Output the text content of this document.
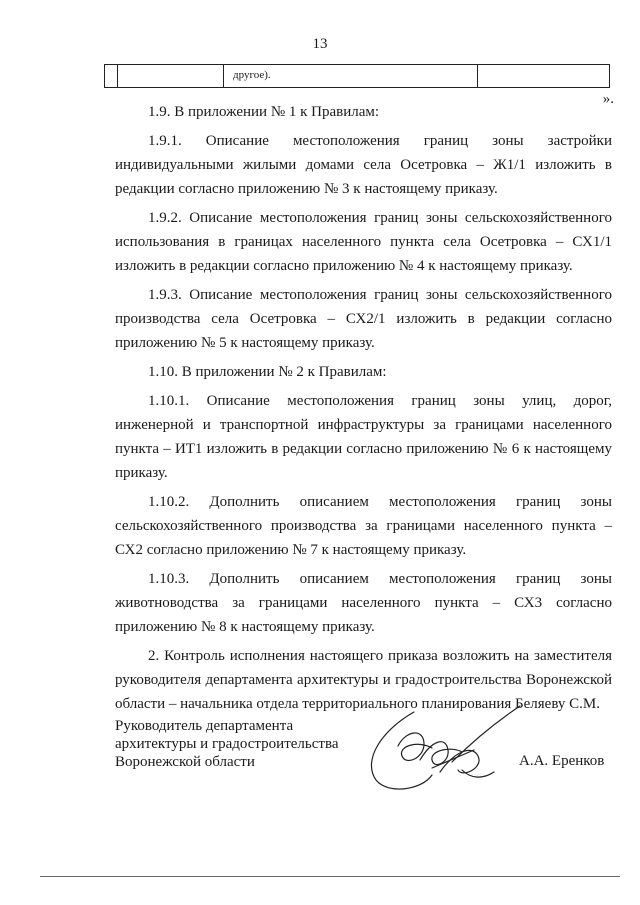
13
другое).
».

1.9. В приложении № 1 к Правилам:

1.9.1. Описание местоположения границ зоны застройки индивидуальными жилыми домами села Осетровка – Ж1/1 изложить в редакции согласно приложению № 3 к настоящему приказу.

1.9.2. Описание местоположения границ зоны сельскохозяйственного использования в границах населенного пункта села Осетровка – СХ1/1 изложить в редакции согласно приложению № 4 к настоящему приказу.

1.9.3. Описание местоположения границ зоны сельскохозяйственного производства села Осетровка – СХ2/1 изложить в редакции согласно приложению № 5 к настоящему приказу.

1.10. В приложении № 2 к Правилам:

1.10.1. Описание местоположения границ зоны улиц, дорог, инженерной и транспортной инфраструктуры за границами населенного пункта – ИТ1 изложить в редакции согласно приложению № 6 к настоящему приказу.

1.10.2. Дополнить описанием местоположения границ зоны сельскохозяйственного производства за границами населенного пункта – СХ2 согласно приложению № 7 к настоящему приказу.

1.10.3. Дополнить описанием местоположения границ зоны животноводства за границами населенного пункта – СХ3 согласно приложению № 8 к настоящему приказу.

2. Контроль исполнения настоящего приказа возложить на заместителя руководителя департамента архитектуры и градостроительства Воронежской области – начальника отдела территориального планирования Беляеву С.М.

Руководитель департамента
архитектуры и градостроительства
Воронежской области	А.А. Еренков
